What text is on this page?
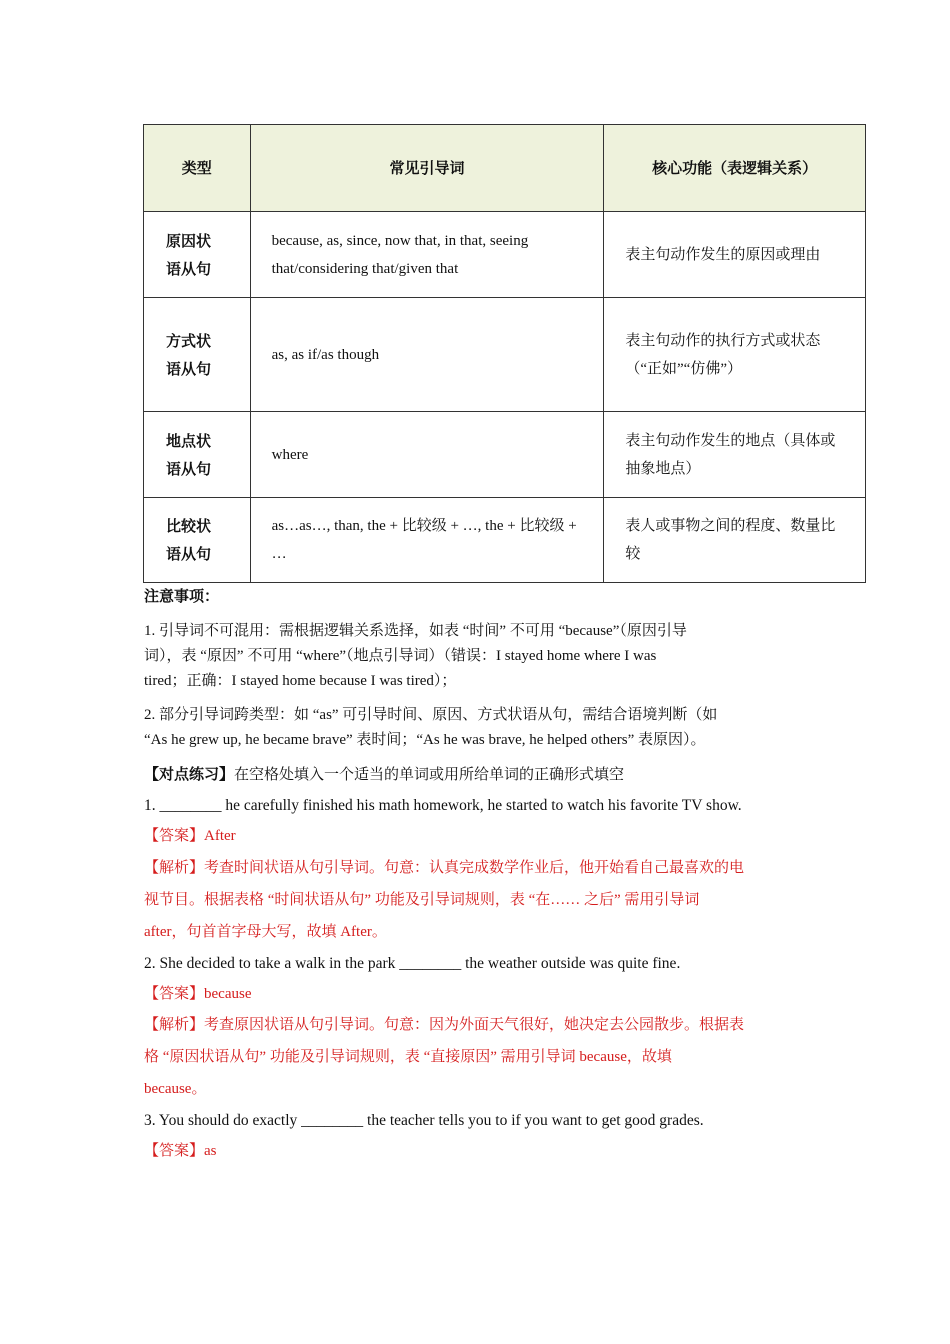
类型	常见引导词	核心功能（表逻辑关系）

原因状语从句	because, as, since, now that, in that, seeing that/considering that/given that	表主句动作发生的原因或理由

方式状语从句	as, as if/as though	表主句动作的执行方式或状态（“正如”“仿佛”）

地点状语从句	where	表主句动作发生的地点（具体或抽象地点）

比较状语从句	as…as…, than, the + 比较级 + …, the + 比较级 + …	表人或事物之间的程度、数量比较
注意事项：
1. 引导词不可混用：需根据逻辑关系选择，如表 “时间” 不可用 “because”（原因引导
词），表 “原因” 不可用 “where”（地点引导词）（错误：I stayed home where I was
tired；正确：I stayed home because I was tired）；
2. 部分引导词跨类型：如 “as” 可引导时间、原因、方式状语从句，需结合语境判断（如
“As he grew up, he became brave” 表时间；“As he was brave, he helped others” 表原因）。
【对点练习】在空格处填入一个适当的单词或用所给单词的正确形式填空
1. ________ he carefully finished his math homework, he started to watch his favorite TV show.
【答案】After
【解析】考查时间状语从句引导词。句意：认真完成数学作业后，他开始看自己最喜欢的电
视节目。根据表格 “时间状语从句” 功能及引导词规则，表 “在…… 之后” 需用引导词
after，句首首字母大写，故填 After。
2. She decided to take a walk in the park ________ the weather outside was quite fine.
【答案】because
【解析】考查原因状语从句引导词。句意：因为外面天气很好，她决定去公园散步。根据表
格 “原因状语从句” 功能及引导词规则，表 “直接原因” 需用引导词 because，故填
because。
3. You should do exactly ________ the teacher tells you to if you want to get good grades.
【答案】as
